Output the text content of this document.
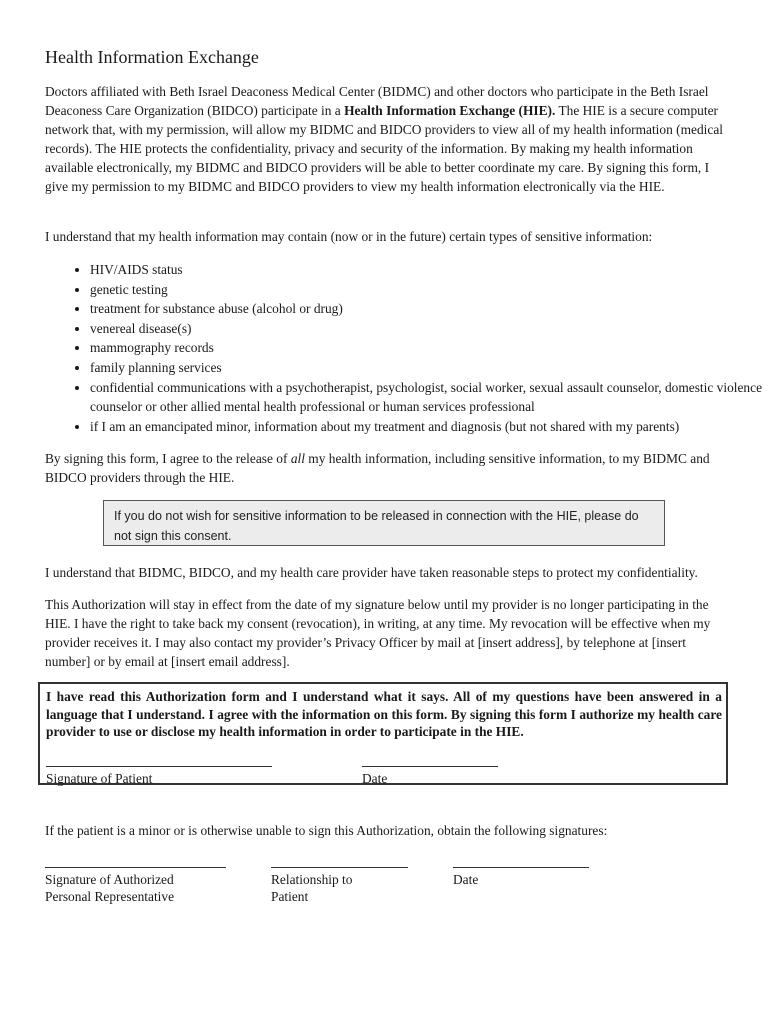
Health Information Exchange

Doctors affiliated with Beth Israel Deaconess Medical Center (BIDMC) and other doctors who participate in the Beth Israel Deaconess Care Organization (BIDCO) participate in a Health Information Exchange (HIE). The HIE is a secure computer network that, with my permission, will allow my BIDMC and BIDCO providers to view all of my health information (medical records). The HIE protects the confidentiality, privacy and security of the information. By making my health information available electronically, my BIDMC and BIDCO providers will be able to better coordinate my care. By signing this form, I give my permission to my BIDMC and BIDCO providers to view my health information electronically via the HIE.

I understand that my health information may contain (now or in the future) certain types of sensitive information:

• HIV/AIDS status
• genetic testing
• treatment for substance abuse (alcohol or drug)
• venereal disease(s)
• mammography records
• family planning services
• confidential communications with a psychotherapist, psychologist, social worker, sexual assault counselor, domestic violence counselor or other allied mental health professional or human services professional
• if I am an emancipated minor, information about my treatment and diagnosis (but not shared with my parents)

By signing this form, I agree to the release of all my health information, including sensitive information, to my BIDMC and BIDCO providers through the HIE.

If you do not wish for sensitive information to be released in connection with the HIE, please do not sign this consent.

I understand that BIDMC, BIDCO, and my health care provider have taken reasonable steps to protect my confidentiality.

This Authorization will stay in effect from the date of my signature below until my provider is no longer participating in the HIE. I have the right to take back my consent (revocation), in writing, at any time. My revocation will be effective when my provider receives it. I may also contact my provider’s Privacy Officer by mail at [insert address], by telephone at [insert number] or by email at [insert email address].

I have read this Authorization form and I understand what it says. All of my questions have been answered in a language that I understand. I agree with the information on this form. By signing this form I authorize my health care provider to use or disclose my health information in order to participate in the HIE.

Signature of Patient	Date

If the patient is a minor or is otherwise unable to sign this Authorization, obtain the following signatures:

Signature of Authorized Personal Representative
Relationship to Patient
Date
